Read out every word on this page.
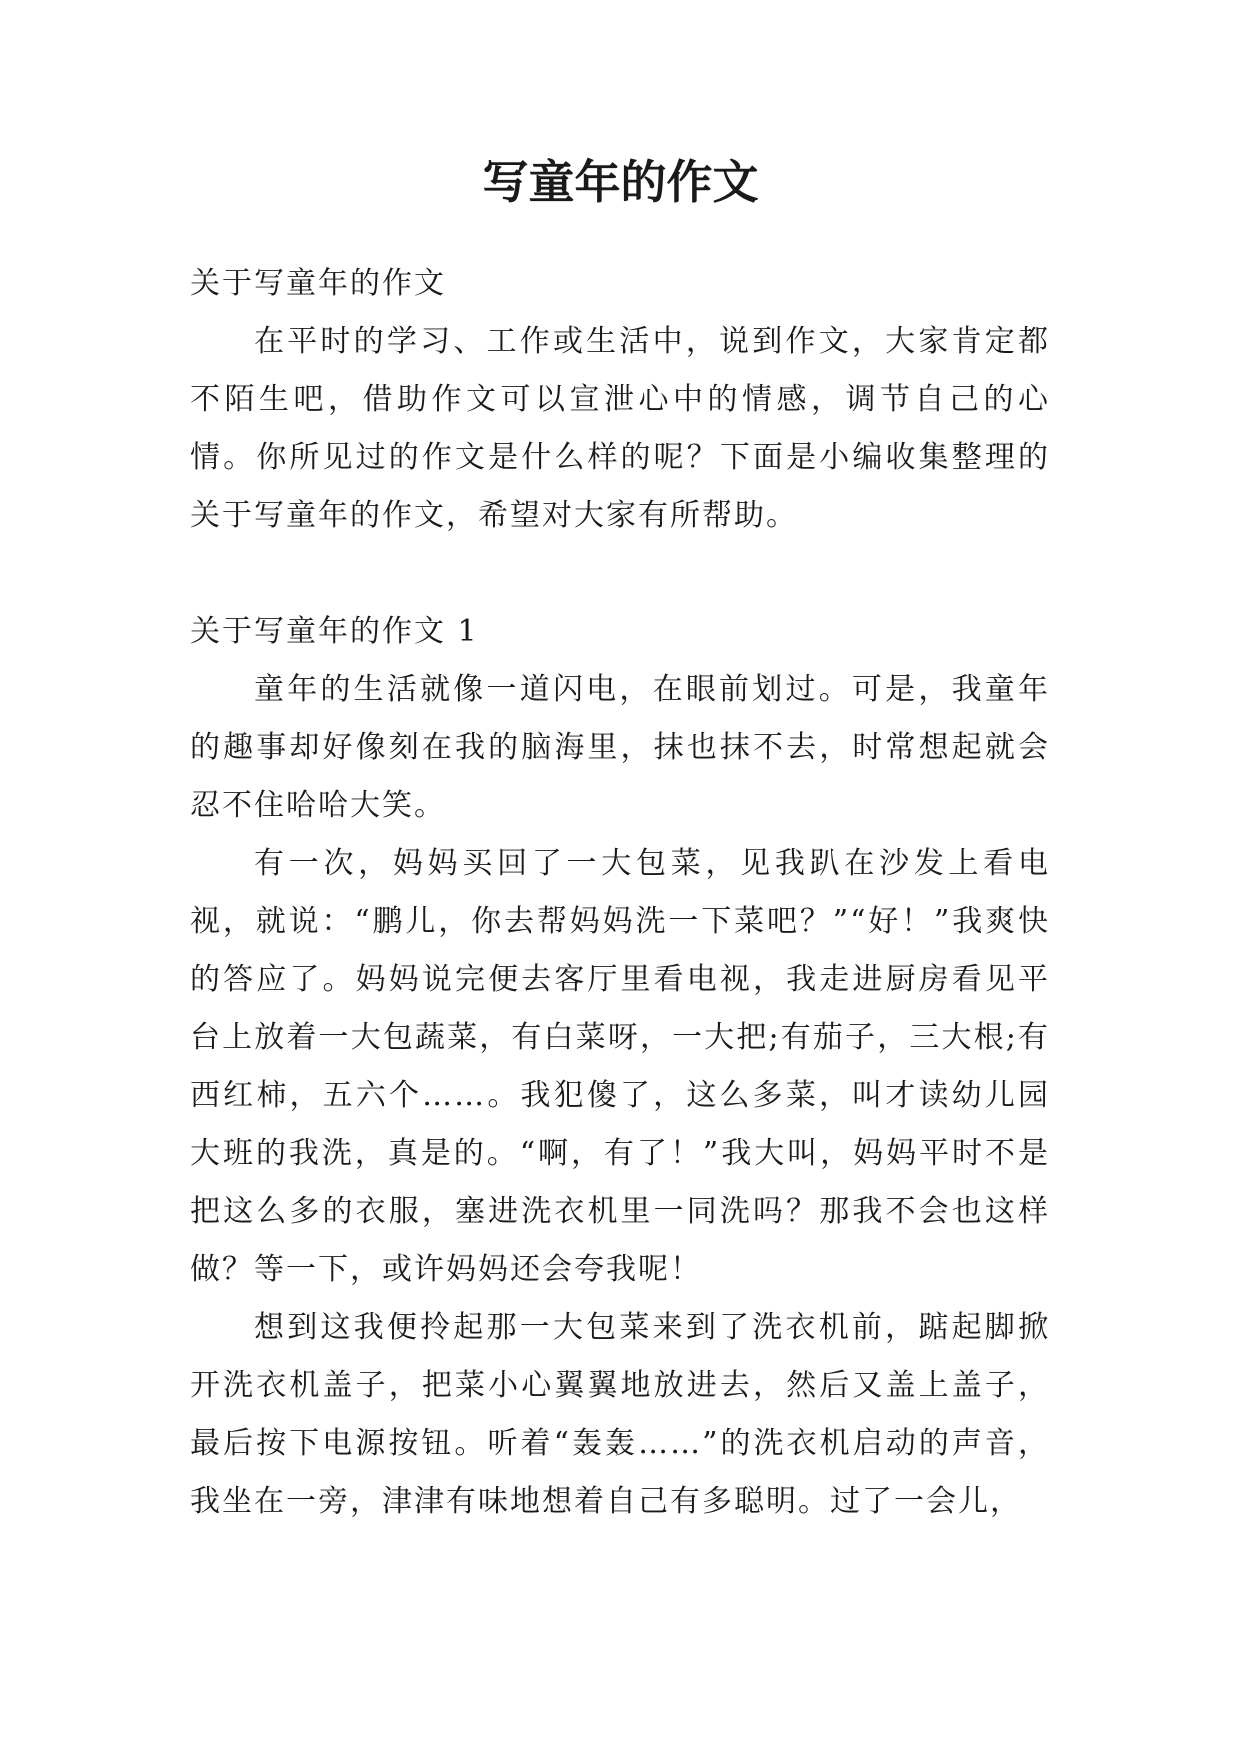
写童年的作文

关于写童年的作文

在平时的学习、工作或生活中，说到作文，大家肯定都不陌生吧，借助作文可以宣泄心中的情感，调节自己的心情。你所见过的作文是什么样的呢？下面是小编收集整理的关于写童年的作文，希望对大家有所帮助。

关于写童年的作文 1

童年的生活就像一道闪电，在眼前划过。可是，我童年的趣事却好像刻在我的脑海里，抹也抹不去，时常想起就会忍不住哈哈大笑。

有一次，妈妈买回了一大包菜，见我趴在沙发上看电视，就说：“鹏儿，你去帮妈妈洗一下菜吧？”“好！”我爽快的答应了。妈妈说完便去客厅里看电视，我走进厨房看见平台上放着一大包蔬菜，有白菜呀，一大把;有茄子，三大根;有西红柿，五六个……。我犯傻了，这么多菜，叫才读幼儿园大班的我洗，真是的。“啊，有了！”我大叫，妈妈平时不是把这么多的衣服，塞进洗衣机里一同洗吗？那我不会也这样做？等一下，或许妈妈还会夸我呢！

想到这我便拎起那一大包菜来到了洗衣机前，踮起脚掀开洗衣机盖子，把菜小心翼翼地放进去，然后又盖上盖子，最后按下电源按钮。听着“轰轰……”的洗衣机启动的声音，我坐在一旁，津津有味地想着自己有多聪明。过了一会儿，
